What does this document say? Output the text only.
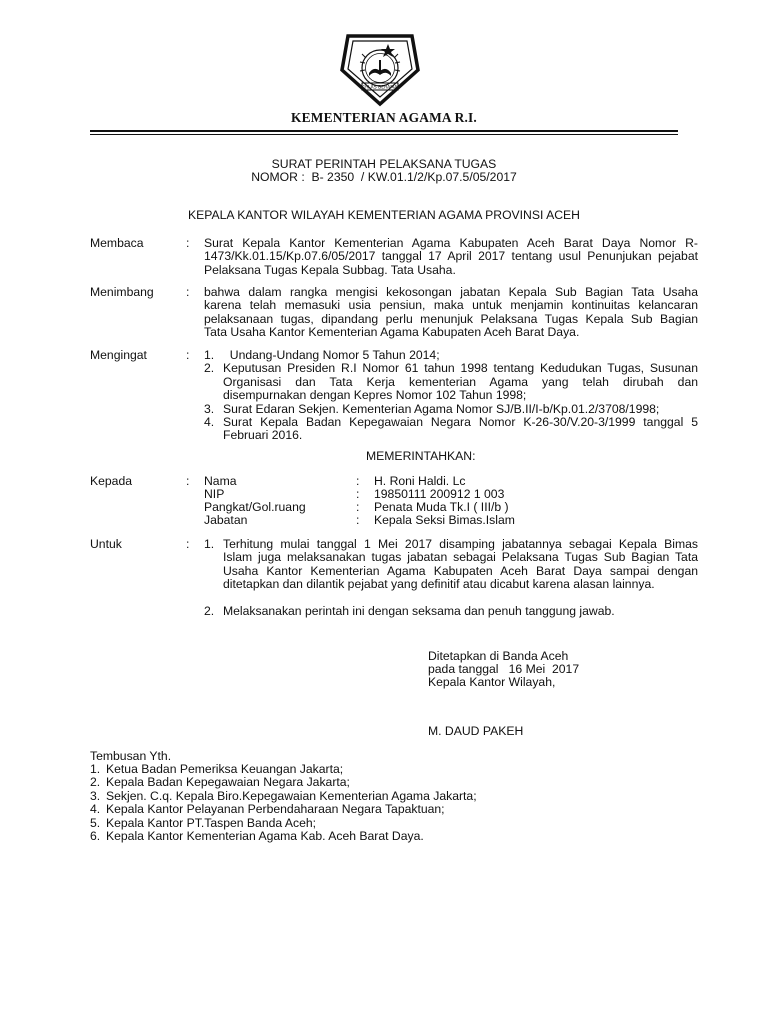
IKHLAS BERAMAL
KEMENTERIAN AGAMA R.I.
SURAT PERINTAH PELAKSANA TUGAS
NOMOR :  B- 2350  / KW.01.1/2/Kp.07.5/05/2017
KEPALA KANTOR WILAYAH KEMENTERIAN AGAMA PROVINSI ACEH
Membaca	: Surat Kepala Kantor Kementerian Agama Kabupaten Aceh Barat Daya Nomor R-
1473/Kk.01.15/Kp.07.6/05/2017 tanggal 17 April 2017 tentang usul Penunjukan pejabat
Pelaksana Tugas Kepala Subbag. Tata Usaha.
Menimbang	: bahwa dalam rangka mengisi kekosongan jabatan Kepala Sub Bagian Tata Usaha
karena telah memasuki usia pensiun, maka untuk menjamin kontinuitas kelancaran
pelaksanaan tugas, dipandang perlu menunjuk Pelaksana Tugas Kepala Sub Bagian
Tata Usaha Kantor Kementerian Agama Kabupaten Aceh Barat Daya.
Mengingat	: 1. Undang-Undang Nomor 5 Tahun 2014;
2. Keputusan Presiden R.I Nomor 61 tahun 1998 tentang Kedudukan Tugas, Susunan
Organisasi dan Tata Kerja kementerian Agama yang telah dirubah dan
disempurnakan dengan Kepres Nomor 102 Tahun 1998;
3. Surat Edaran Sekjen. Kementerian Agama Nomor SJ/B.II/I-b/Kp.01.2/3708/1998;
4. Surat Kepala Badan Kepegawaian Negara Nomor K-26-30/V.20-3/1999 tanggal 5
Februari 2016.
MEMERINTAHKAN:
Kepada	: Nama	: H. Roni Haldi. Lc
NIP	: 19850111 200912 1 003
Pangkat/Gol.ruang	: Penata Muda Tk.I ( III/b )
Jabatan	: Kepala Seksi Bimas.Islam
Untuk	: 1. Terhitung mulai tanggal 1 Mei 2017 disamping jabatannya sebagai Kepala Bimas
Islam juga melaksanakan tugas jabatan sebagai Pelaksana Tugas Sub Bagian Tata
Usaha Kantor Kementerian Agama Kabupaten Aceh Barat Daya sampai dengan
ditetapkan dan dilantik pejabat yang definitif atau dicabut karena alasan lainnya.
2. Melaksanakan perintah ini dengan seksama dan penuh tanggung jawab.
Ditetapkan di Banda Aceh
pada tanggal   16 Mei  2017
Kepala Kantor Wilayah,
M. DAUD PAKEH
Tembusan Yth.
1. Ketua Badan Pemeriksa Keuangan Jakarta;
2. Kepala Badan Kepegawaian Negara Jakarta;
3. Sekjen. C.q. Kepala Biro.Kepegawaian Kementerian Agama Jakarta;
4. Kepala Kantor Pelayanan Perbendaharaan Negara Tapaktuan;
5. Kepala Kantor PT.Taspen Banda Aceh;
6. Kepala Kantor Kementerian Agama Kab. Aceh Barat Daya.
